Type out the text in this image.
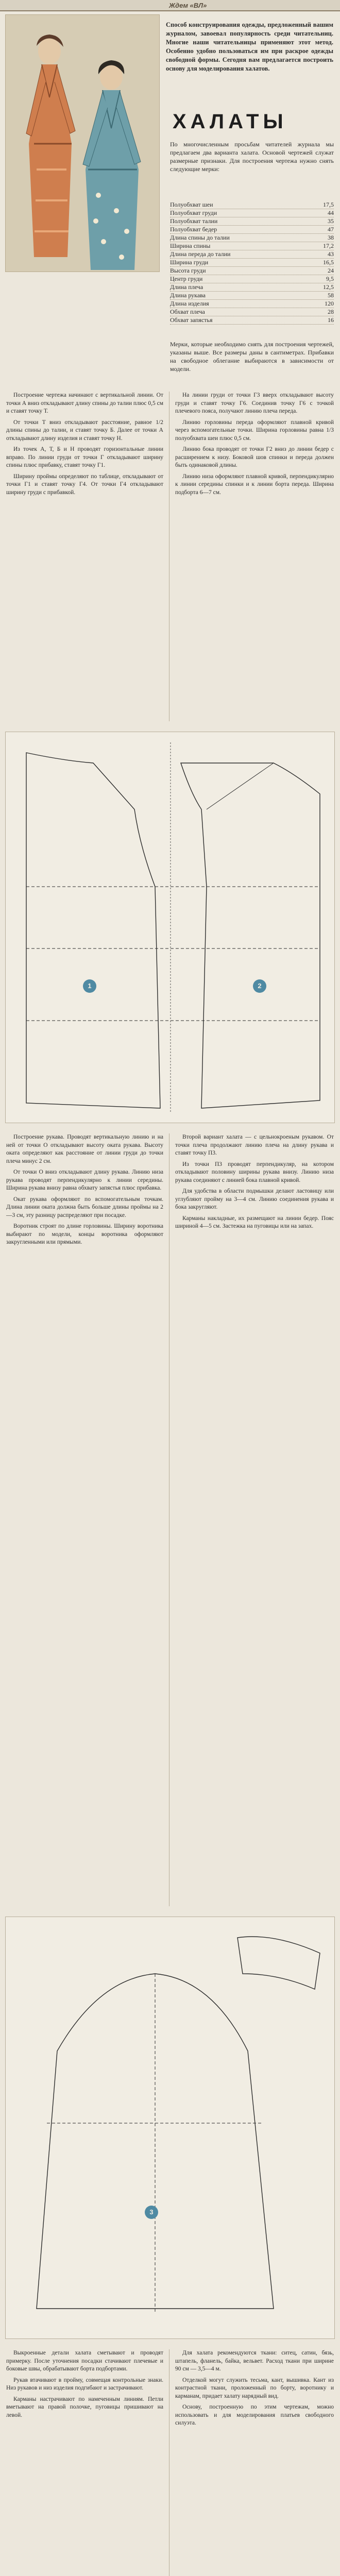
Ждем «ВЛ»
Способ конструирования одежды, предложенный вашим журналом, завоевал популярность среди читательниц. Многие наши читательницы применяют этот метод. Особенно удобно пользоваться им при раскрое одежды свободной формы. Сегодня вам предлагается построить основу для моделирования халатов.
ХАЛАТЫ
По многочисленным просьбам читателей журнала мы предлагаем два варианта халата. Основой чертежей служат размерные признаки. Для построения чертежа нужно снять следующие мерки:
Полуобхват шеи	17,5
Полуобхват груди	44
Полуобхват талии	35
Полуобхват бедер	47
Длина спины до талии	38
Ширина спины	17,2
Длина переда до талии	43
Ширина груди	16,5
Высота груди	24
Центр груди	9,5
Длина плеча	12,5
Длина рукава	58
Длина изделия	120
Обхват плеча	28
Обхват запястья	16
Мерки, которые необходимо снять для построения чертежей, указаны выше. Все размеры даны в сантиметрах. Прибавки на свободное облегание выбираются в зависимости от модели.

Построение чертежа начинают с вертикальной линии. От точки А вниз откладывают длину спины до талии плюс 0,5 см и ставят точку Т.

От точки Т вниз откладывают расстояние, равное 1/2 длины спины до талии, и ставят точку Б. Далее от точки А откладывают длину изделия и ставят точку Н.

Из точек А, Т, Б и Н проводят горизонтальные линии вправо. По линии груди от точки Г откладывают ширину спины плюс прибавку, ставят точку Г1.

Ширину проймы определяют по таблице, откладывают от точки Г1 и ставят точку Г4. От точки Г4 откладывают ширину груди с прибавкой.

На линии груди от точки Г3 вверх откладывают высоту груди и ставят точку Г6. Соединив точку Г6 с точкой плечевого пояса, получают линию плеча переда.

Линию горловины переда оформляют плавной кривой через вспомогательные точки. Ширина горловины равна 1/3 полуобхвата шеи плюс 0,5 см.

Линию бока проводят от точки Г2 вниз до линии бедер с расширением к низу. Боковой шов спинки и переда должен быть одинаковой длины.

Линию низа оформляют плавной кривой, перпендикулярно к линии середины спинки и к линии борта переда. Ширина подборта 6—7 см.

1	2

Построение рукава. Проводят вертикальную линию и на ней от точки О откладывают высоту оката рукава. Высоту оката определяют как расстояние от линии груди до точки плеча минус 2 см.

От точки О вниз откладывают длину рукава. Линию низа рукава проводят перпендикулярно к линии середины. Ширина рукава внизу равна обхвату запястья плюс прибавка.

Окат рукава оформляют по вспомогательным точкам. Длина линии оката должна быть больше длины проймы на 2—3 см, эту разницу распределяют при посадке.

Воротник строят по длине горловины. Ширину воротника выбирают по модели, концы воротника оформляют закругленными или прямыми.

Второй вариант халата — с цельнокроеным рукавом. От точки плеча продолжают линию плеча на длину рукава и ставят точку П3.

Из точки П3 проводят перпендикуляр, на котором откладывают половину ширины рукава внизу. Линию низа рукава соединяют с линией бока плавной кривой.

Для удобства в области подмышки делают ластовицу или углубляют пройму на 3—4 см. Линию соединения рукава и бока закругляют.

Карманы накладные, их размещают на линии бедер. Пояс шириной 4—5 см. Застежка на пуговицы или на запах.

3

Выкроенные детали халата сметывают и проводят примерку. После уточнения посадки стачивают плечевые и боковые швы, обрабатывают борта подбортами.

Рукав втачивают в пройму, совмещая контрольные знаки. Низ рукавов и низ изделия подгибают и застрачивают.

Карманы настрачивают по намеченным линиям. Петли вметывают на правой полочке, пуговицы пришивают на левой.

Для халата рекомендуются ткани: ситец, сатин, бязь, штапель, фланель, байка, вельвет. Расход ткани при ширине 90 см — 3,5—4 м.

Отделкой могут служить тесьма, кант, вышивка. Кант из контрастной ткани, проложенный по борту, воротнику и карманам, придает халату нарядный вид.

Основу, построенную по этим чертежам, можно использовать и для моделирования платьев свободного силуэта.
